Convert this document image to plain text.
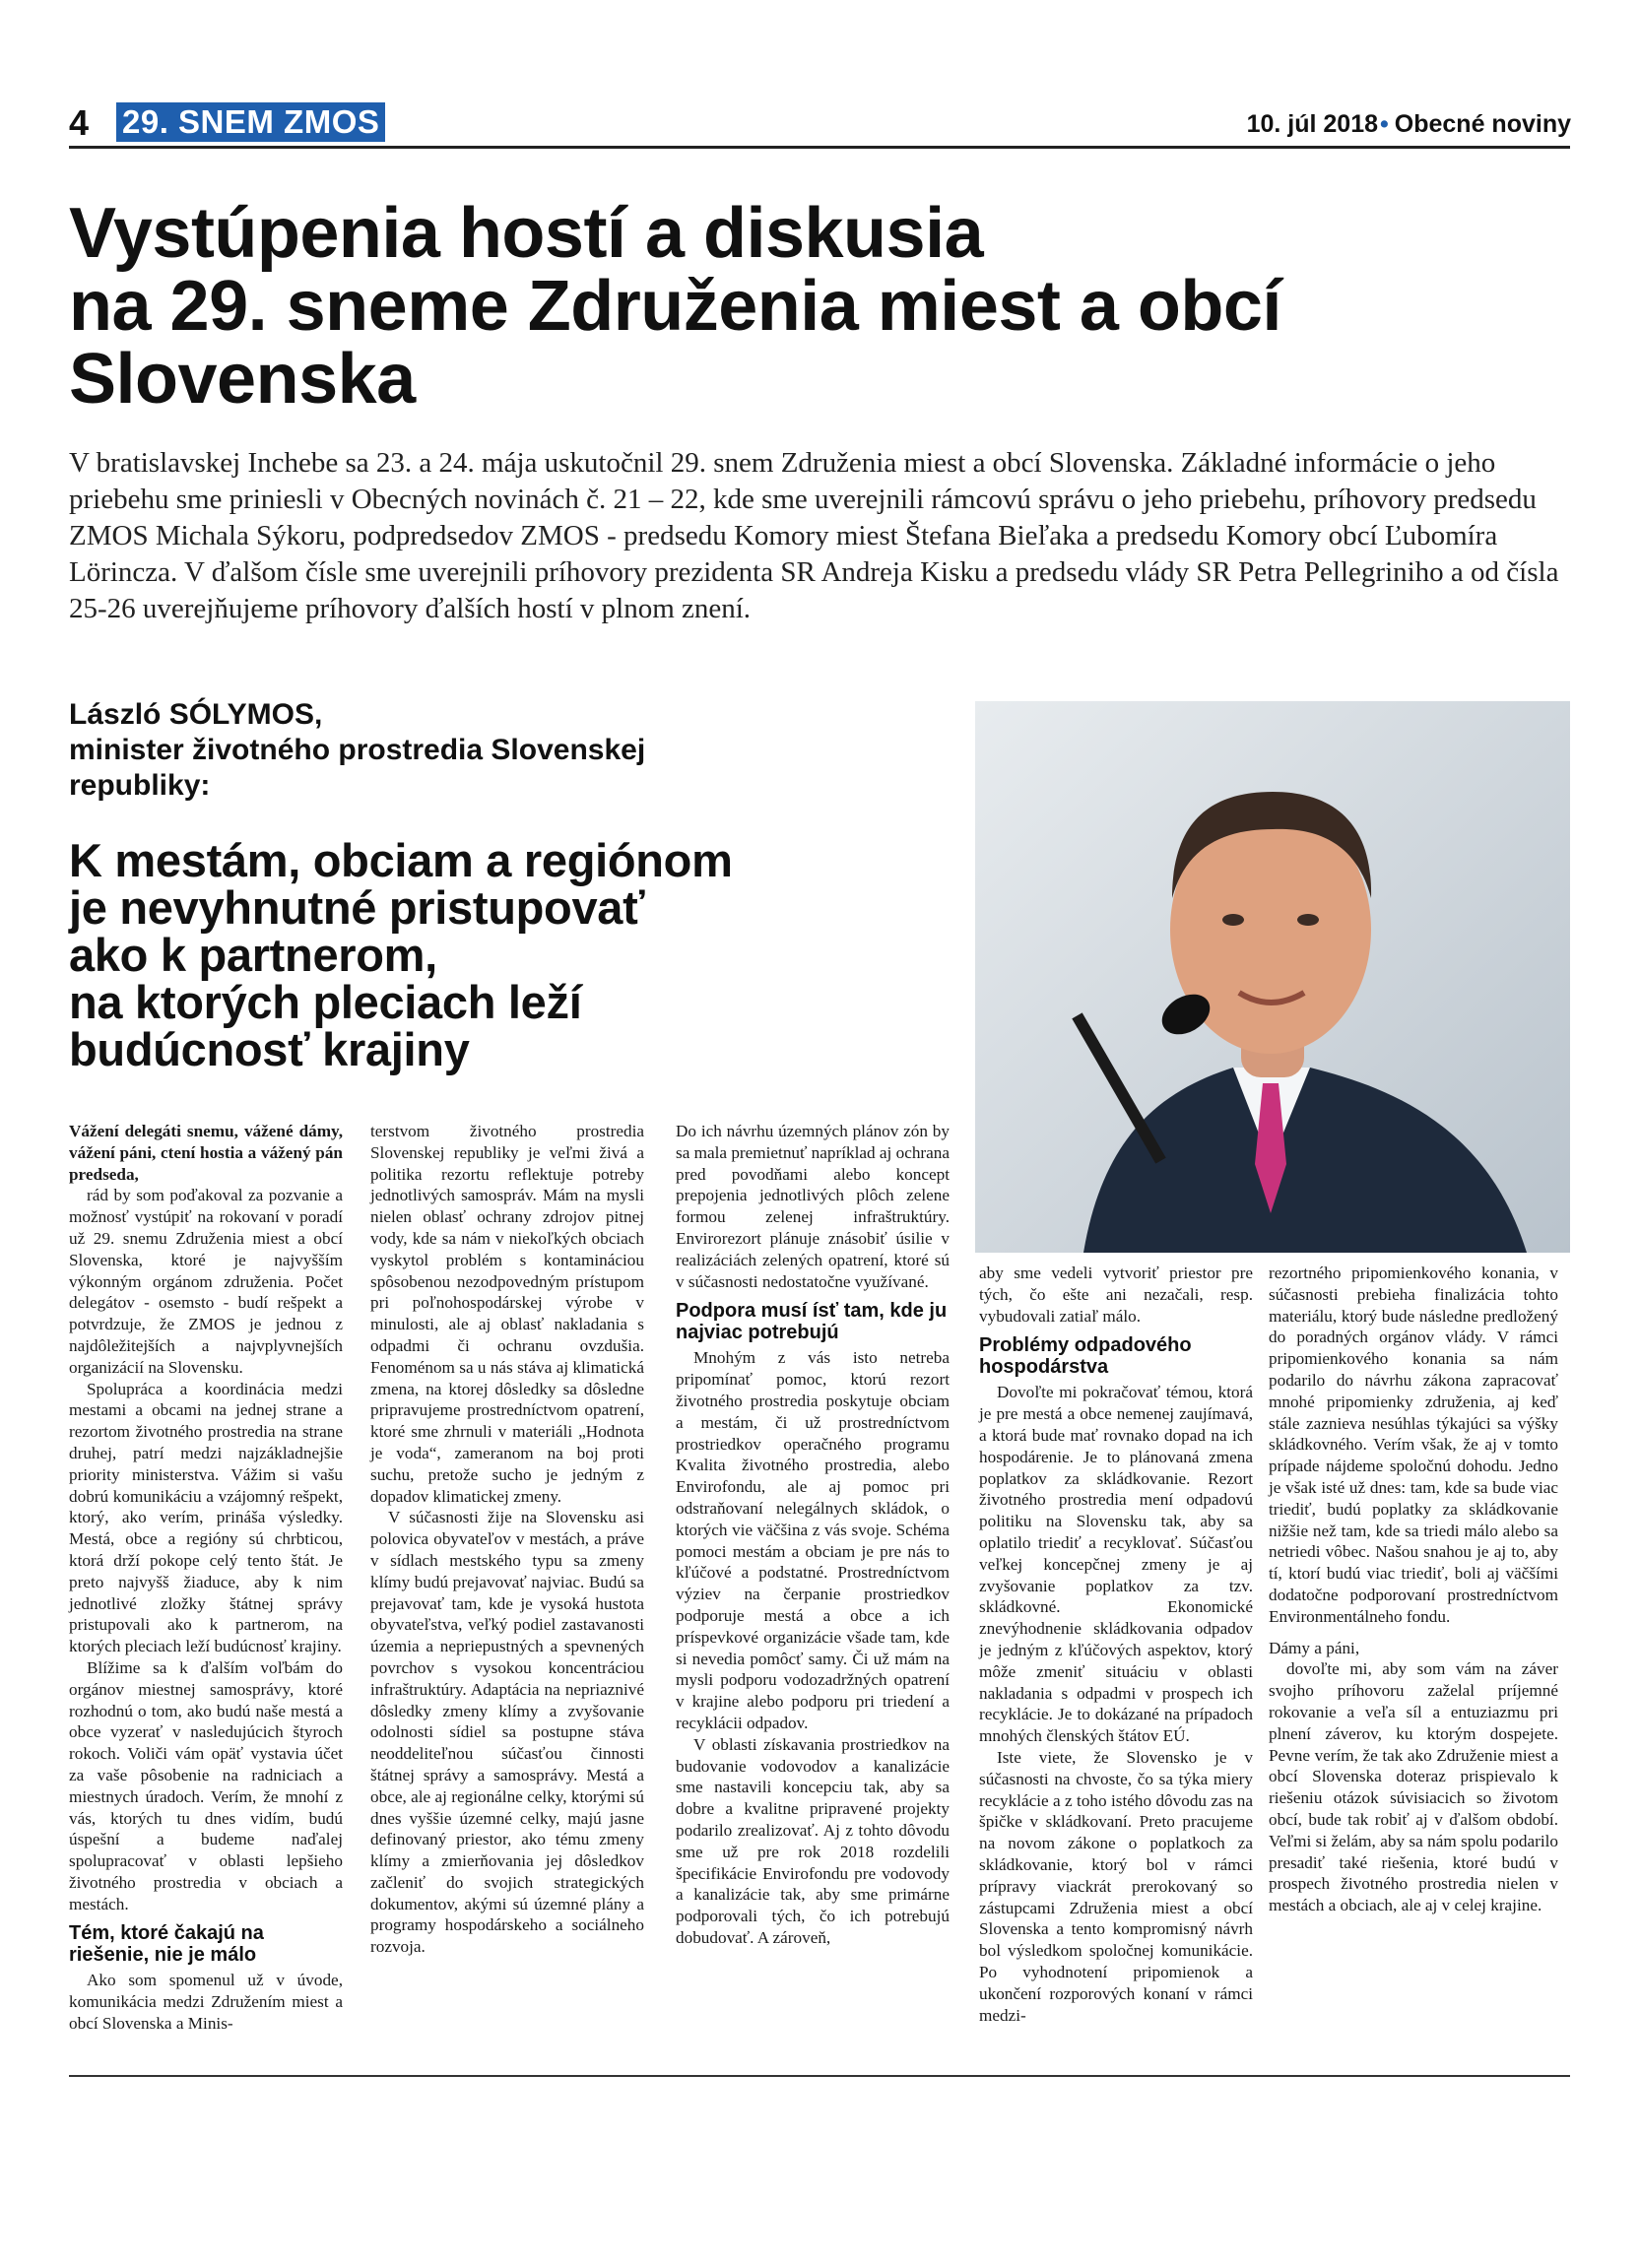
4 29. SNEM ZMOS	10. júl 2018• Obecné noviny
Vystúpenia hostí a diskusia
na 29. sneme Združenia miest a obcí
Slovenska

V bratislavskej Inchebe sa 23. a 24. mája uskutočnil 29. snem Združenia miest a obcí Slovenska. Základné informácie o jeho priebehu sme priniesli v Obecných novinách č. 21 – 22, kde sme uverejnili rámcovú správu o jeho priebehu, príhovory predsedu ZMOS Michala Sýkoru, podpredsedov ZMOS - predsedu Komory miest Štefana Bieľaka a predsedu Komory obcí Ľubomíra Lörincza. V ďalšom čísle sme uverejnili príhovory prezidenta SR Andreja Kisku a predsedu vlády SR Petra Pellegriniho a od čísla 25-26 uverejňujeme príhovory ďalších hostí v plnom znení.

László SÓLYMOS,
minister životného prostredia Slovenskej
republiky:
K mestám, obciam a regiónom
je nevyhnutné pristupovať
ako k partnerom,
na ktorých pleciach leží
budúcnosť krajiny

Vážení delegáti snemu, vážené dámy, vážení páni, ctení hostia a vážený pán predseda,

rád by som poďakoval za pozvanie a možnosť vystúpiť na rokovaní v poradí už 29. snemu Združenia miest a obcí Slovenska, ktoré je najvyšším výkonným orgánom združenia. Počet delegátov - osemsto - budí rešpekt a potvrdzuje, že ZMOS je jednou z najdôležitejších a najvplyvnejších organizácií na Slovensku.

Spolupráca a koordinácia medzi mestami a obcami na jednej strane a rezortom životného prostredia na strane druhej, patrí medzi najzákladnejšie priority ministerstva. Vážim si vašu dobrú komunikáciu a vzájomný rešpekt, ktorý, ako verím, prináša výsledky. Mestá, obce a regióny sú chrbticou, ktorá drží pokope celý tento štát. Je preto najvyšš žiaduce, aby k nim jednotlivé zložky štátnej správy pristupovali ako k partnerom, na ktorých pleciach leží budúcnosť krajiny.

Blížime sa k ďalším voľbám do orgánov miestnej samosprávy, ktoré rozhodnú o tom, ako budú naše mestá a obce vyzerať v nasledujúcich štyroch rokoch. Voliči vám opäť vystavia účet za vaše pôsobenie na radniciach a miestnych úradoch. Verím, že mnohí z vás, ktorých tu dnes vidím, budú úspešní a budeme naďalej spolupracovať v oblasti lepšieho životného prostredia v obciach a mestách.

Tém, ktoré čakajú na riešenie, nie je málo

Ako som spomenul už v úvode, komunikácia medzi Združením miest a obcí Slovenska a Minis-

terstvom životného prostredia Slovenskej republiky je veľmi živá a politika rezortu reflektuje potreby jednotlivých samospráv. Mám na mysli nielen oblasť ochrany zdrojov pitnej vody, kde sa nám v niekoľkých obciach vyskytol problém s kontamináciou spôsobenou nezodpovedným prístupom pri poľnohospodárskej výrobe v minulosti, ale aj oblasť nakladania s odpadmi či ochranu ovzdušia. Fenoménom sa u nás stáva aj klimatická zmena, na ktorej dôsledky sa dôsledne pripravujeme prostredníctvom opatrení, ktoré sme zhrnuli v materiáli „Hodnota je voda“, zameranom na boj proti suchu, pretože sucho je jedným z dopadov klimatickej zmeny.

V súčasnosti žije na Slovensku asi polovica obyvateľov v mestách, a práve v sídlach mestského typu sa zmeny klímy budú prejavovať najviac. Budú sa prejavovať tam, kde je vysoká hustota obyvateľstva, veľký podiel zastavanosti územia a nepriepustných a spevnených povrchov s vysokou koncentráciou infraštruktúry. Adaptácia na nepriaznivé dôsledky zmeny klímy a zvyšovanie odolnosti sídiel sa postupne stáva neoddeliteľnou súčasťou činnosti štátnej správy a samosprávy. Mestá a obce, ale aj regionálne celky, ktorými sú dnes vyššie územné celky, majú jasne definovaný priestor, ako tému zmeny klímy a zmierňovania jej dôsledkov začleniť do svojich strategických dokumentov, akými sú územné plány a programy hospodárskeho a sociálneho rozvoja.

Do ich návrhu územných plánov zón by sa mala premietnuť napríklad aj ochrana pred povodňami alebo koncept prepojenia jednotlivých plôch zelene formou zelenej infraštruktúry. Envirorezort plánuje znásobiť úsilie v realizáciách zelených opatrení, ktoré sú v súčasnosti nedostatočne využívané.

Podpora musí ísť tam, kde ju najviac potrebujú

Mnohým z vás isto netreba pripomínať pomoc, ktorú rezort životného prostredia poskytuje obciam a mestám, či už prostredníctvom prostriedkov operačného programu Kvalita životného prostredia, alebo Envirofondu, ale aj pomoc pri odstraňovaní nelegálnych skládok, o ktorých vie väčšina z vás svoje. Schéma pomoci mestám a obciam je pre nás to kľúčové a podstatné. Prostredníctvom výziev na čerpanie prostriedkov podporuje mestá a obce a ich príspevkové organizácie všade tam, kde si nevedia pomôcť samy. Či už mám na mysli podporu vodozadržných opatrení v krajine alebo podporu pri triedení a recyklácii odpadov.

V oblasti získavania prostriedkov na budovanie vodovodov a kanalizácie sme nastavili koncepciu tak, aby sa dobre a kvalitne pripravené projekty podarilo zrealizovať. Aj z tohto dôvodu sme už pre rok 2018 rozdelili špecifikácie Envirofondu pre vodovody a kanalizácie tak, aby sme primárne podporovali tých, čo ich potrebujú dobudovať. A zároveň,

aby sme vedeli vytvoriť priestor pre tých, čo ešte ani nezačali, resp. vybudovali zatiaľ málo.

Problémy odpadového hospodárstva

Dovoľte mi pokračovať témou, ktorá je pre mestá a obce nemenej zaujímavá, a ktorá bude mať rovnako dopad na ich hospodárenie. Je to plánovaná zmena poplatkov za skládkovanie. Rezort životného prostredia mení odpadovú politiku na Slovensku tak, aby sa oplatilo triediť a recyklovať. Súčasťou veľkej koncepčnej zmeny je aj zvyšovanie poplatkov za tzv. skládkovné. Ekonomické znevýhodnenie skládkovania odpadov je jedným z kľúčových aspektov, ktorý môže zmeniť situáciu v oblasti nakladania s odpadmi v prospech ich recyklácie. Je to dokázané na prípadoch mnohých členských štátov EÚ.

Iste viete, že Slovensko je v súčasnosti na chvoste, čo sa týka miery recyklácie a z toho istého dôvodu zas na špičke v skládkovaní. Preto pracujeme na novom zákone o poplatkoch za skládkovanie, ktorý bol v rámci prípravy viackrát prerokovaný so zástupcami Združenia miest a obcí Slovenska a tento kompromisný návrh bol výsledkom spoločnej komunikácie. Po vyhodnotení pripomienok a ukončení rozporových konaní v rámci medzi-

rezortného pripomienkového konania, v súčasnosti prebieha finalizácia tohto materiálu, ktorý bude následne predložený do poradných orgánov vlády. V rámci pripomienkového konania sa nám podarilo do návrhu zákona zapracovať mnohé pripomienky združenia, aj keď stále zaznieva nesúhlas týkajúci sa výšky skládkovného. Verím však, že aj v tomto prípade nájdeme spoločnú dohodu. Jedno je však isté už dnes: tam, kde sa bude viac triediť, budú poplatky za skládkovanie nižšie než tam, kde sa triedi málo alebo sa netriedi vôbec. Našou snahou je aj to, aby tí, ktorí budú viac triediť, boli aj väčšími dodatočne podporovaní prostredníctvom Environmentálneho fondu.

Dámy a páni,

dovoľte mi, aby som vám na záver svojho príhovoru zaželal príjemné rokovanie a veľa síl a entuziazmu pri plnení záverov, ku ktorým dospejete. Pevne verím, že tak ako Združenie miest a obcí Slovenska doteraz prispievalo k riešeniu otázok súvisiacich so životom obcí, bude tak robiť aj v ďalšom období. Veľmi si želám, aby sa nám spolu podarilo presadiť také riešenia, ktoré budú v prospech životného prostredia nielen v mestách a obciach, ale aj v celej krajine.
